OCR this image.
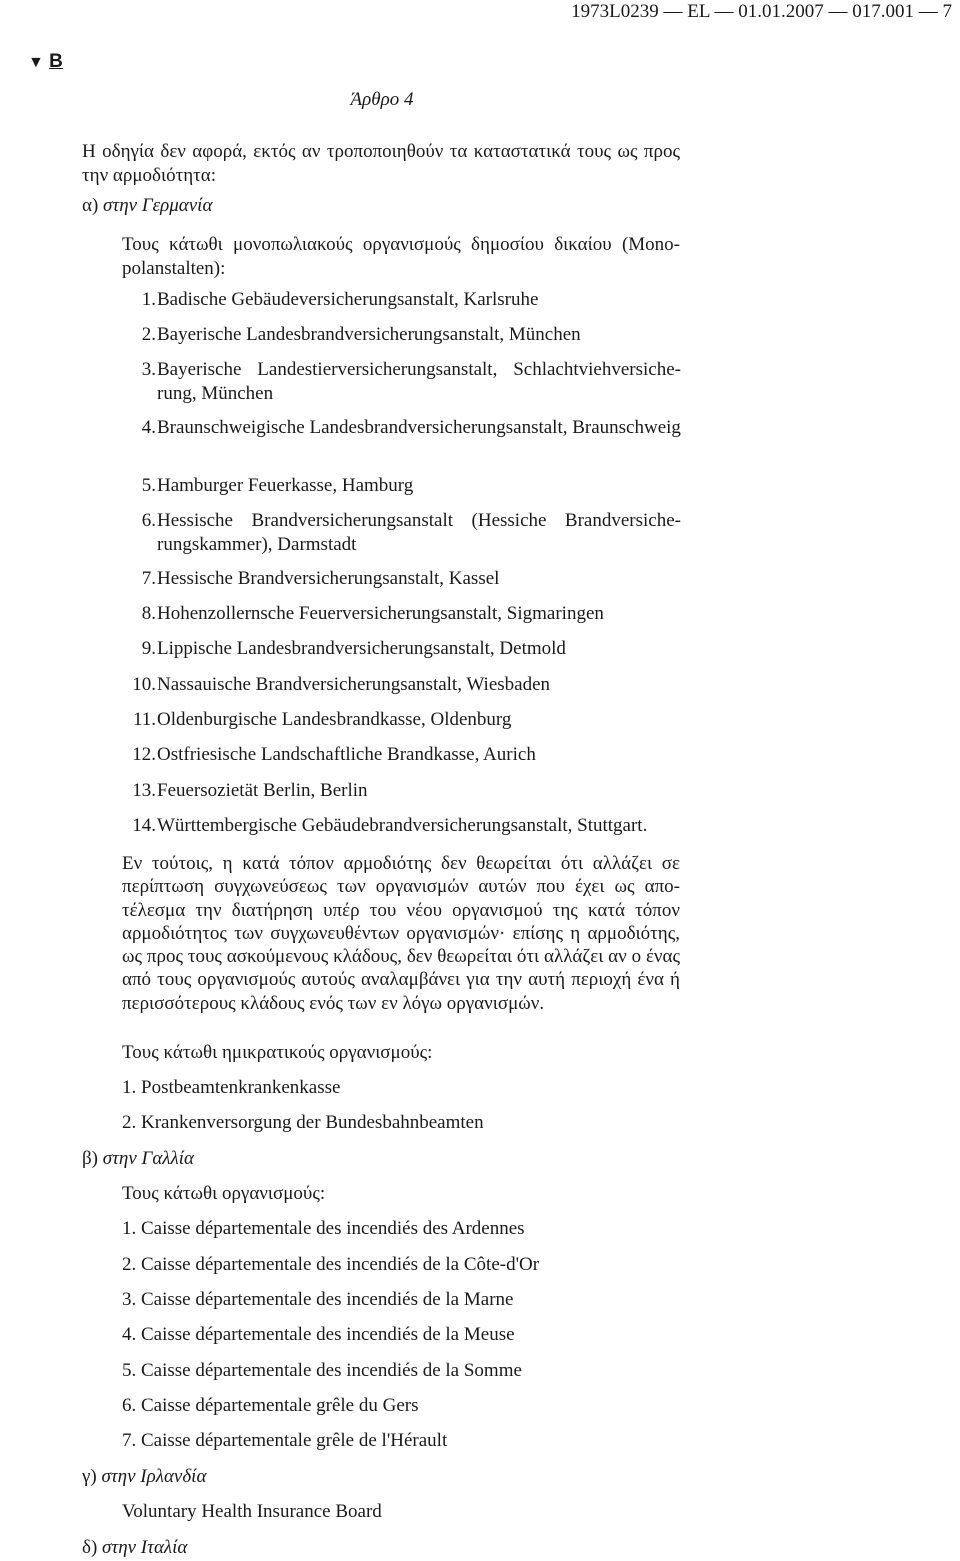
1973L0239 — EL — 01.01.2007 — 017.001 — 7
▼ B
Άρθρο 4
Η οδηγία δεν αφορά, εκτός αν τροποποιηθούν τα καταστατικά τους ως προς την αρμοδιότητα:
α) στην Γερμανία
Τους κάτωθι μονοπωλιακούς οργανισμούς δημοσίου δικαίου (Monopolanstalten):
1. Badische Gebäudeversicherungsanstalt, Karlsruhe
2. Bayerische Landesbrandversicherungsanstalt, München
3. Bayerische Landestierversicherungsanstalt, Schlachtviehversicherung, München
4. Braunschweigische Landesbrandversicherungsanstalt, Braunschweig
5. Hamburger Feuerkasse, Hamburg
6. Hessische Brandversicherungsanstalt (Hessiche Brandversicherungskammer), Darmstadt
7. Hessische Brandversicherungsanstalt, Kassel
8. Hohenzollernsche Feuerversicherungsanstalt, Sigmaringen
9. Lippische Landesbrandversicherungsanstalt, Detmold
10. Nassauische Brandversicherungsanstalt, Wiesbaden
11. Oldenburgische Landesbrandkasse, Oldenburg
12. Ostfriesische Landschaftliche Brandkasse, Aurich
13. Feuersozietät Berlin, Berlin
14. Württembergische Gebäudebrandversicherungsanstalt, Stuttgart.
Εν τούτοις, η κατά τόπον αρμοδιότης δεν θεωρείται ότι αλλάζει σε περίπτωση συγχωνεύσεως των οργανισμών αυτών που έχει ως αποτέλεσμα την διατήρηση υπέρ του νέου οργανισμού της κατά τόπον αρμοδιότητος των συγχωνευθέντων οργανισμών· επίσης η αρμοδιότης, ως προς τους ασκούμενους κλάδους, δεν θεωρείται ότι αλλάζει αν ο ένας από τους οργανισμούς αυτούς αναλαμβάνει για την αυτή περιοχή ένα ή περισσότερους κλάδους ενός των εν λόγω οργανισμών.
Τους κάτωθι ημικρατικούς οργανισμούς:
1. Postbeamtenkrankenkasse
2. Krankenversorgung der Bundesbahnbeamten
β) στην Γαλλία
Τους κάτωθι οργανισμούς:
1. Caisse départementale des incendiés des Ardennes
2. Caisse départementale des incendiés de la Côte-d'Or
3. Caisse départementale des incendiés de la Marne
4. Caisse départementale des incendiés de la Meuse
5. Caisse départementale des incendiés de la Somme
6. Caisse départementale grêle du Gers
7. Caisse départementale grêle de l'Hérault
γ) στην Ιρλανδία
Voluntary Health Insurance Board
δ) στην Ιταλία
